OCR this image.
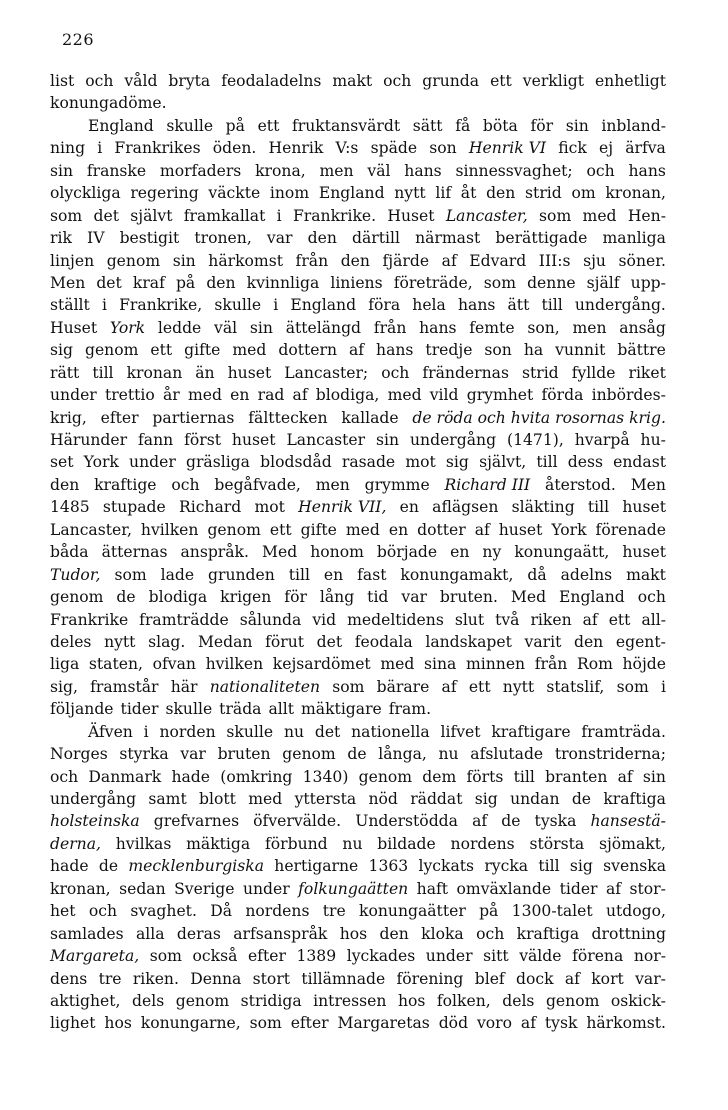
226
list och våld bryta feodaladelns makt och grunda ett verkligt enhetligt
konungadöme.
England skulle på ett fruktansvärdt sätt få böta för sin inbland-
ning i Frankrikes öden. Henrik V:s späde son Henrik VI fick ej ärfva
sin franske morfaders krona, men väl hans sinnessvaghet; och hans
olyckliga regering väckte inom England nytt lif åt den strid om kronan,
som det självt framkallat i Frankrike. Huset Lancaster, som med Hen-
rik IV bestigit tronen, var den därtill närmast berättigade manliga
linjen genom sin härkomst från den fjärde af Edvard III:s sju söner.
Men det kraf på den kvinnliga liniens företräde, som denne själf upp-
ställt i Frankrike, skulle i England föra hela hans ätt till undergång.
Huset York ledde väl sin ättelängd från hans femte son, men ansåg
sig genom ett gifte med dottern af hans tredje son ha vunnit bättre
rätt till kronan än huset Lancaster; och frändernas strid fyllde riket
under trettio år med en rad af blodiga, med vild grymhet förda inbördes-
krig, efter partiernas fälttecken kallade de röda och hvita rosornas krig.
Härunder fann först huset Lancaster sin undergång (1471), hvarpå hu-
set York under gräsliga blodsdåd rasade mot sig självt, till dess endast
den kraftige och begåfvade, men grymme Richard III återstod. Men
1485 stupade Richard mot Henrik VII, en aflägsen släkting till huset
Lancaster, hvilken genom ett gifte med en dotter af huset York förenade
båda ätternas anspråk. Med honom började en ny konungaätt, huset
Tudor, som lade grunden till en fast konungamakt, då adelns makt
genom de blodiga krigen för lång tid var bruten. Med England och
Frankrike framträdde sålunda vid medeltidens slut två riken af ett all-
deles nytt slag. Medan förut det feodala landskapet varit den egent-
liga staten, ofvan hvilken kejsardömet med sina minnen från Rom höjde
sig, framstår här nationaliteten som bärare af ett nytt statslif, som i
följande tider skulle träda allt mäktigare fram.
Äfven i norden skulle nu det nationella lifvet kraftigare framträda.
Norges styrka var bruten genom de långa, nu afslutade tronstriderna;
och Danmark hade (omkring 1340) genom dem förts till branten af sin
undergång samt blott med yttersta nöd räddat sig undan de kraftiga
holsteinska grefvarnes öfvervälde. Understödda af de tyska hansestä-
derna, hvilkas mäktiga förbund nu bildade nordens största sjömakt,
hade de mecklenburgiska hertigarne 1363 lyckats rycka till sig svenska
kronan, sedan Sverige under folkungaätten haft omväxlande tider af stor-
het och svaghet. Då nordens tre konungaätter på 1300-talet utdogo,
samlades alla deras arfsanspråk hos den kloka och kraftiga drottning
Margareta, som också efter 1389 lyckades under sitt välde förena nor-
dens tre riken. Denna stort tillämnade förening blef dock af kort var-
aktighet, dels genom stridiga intressen hos folken, dels genom oskick-
lighet hos konungarne, som efter Margaretas död voro af tysk härkomst.
